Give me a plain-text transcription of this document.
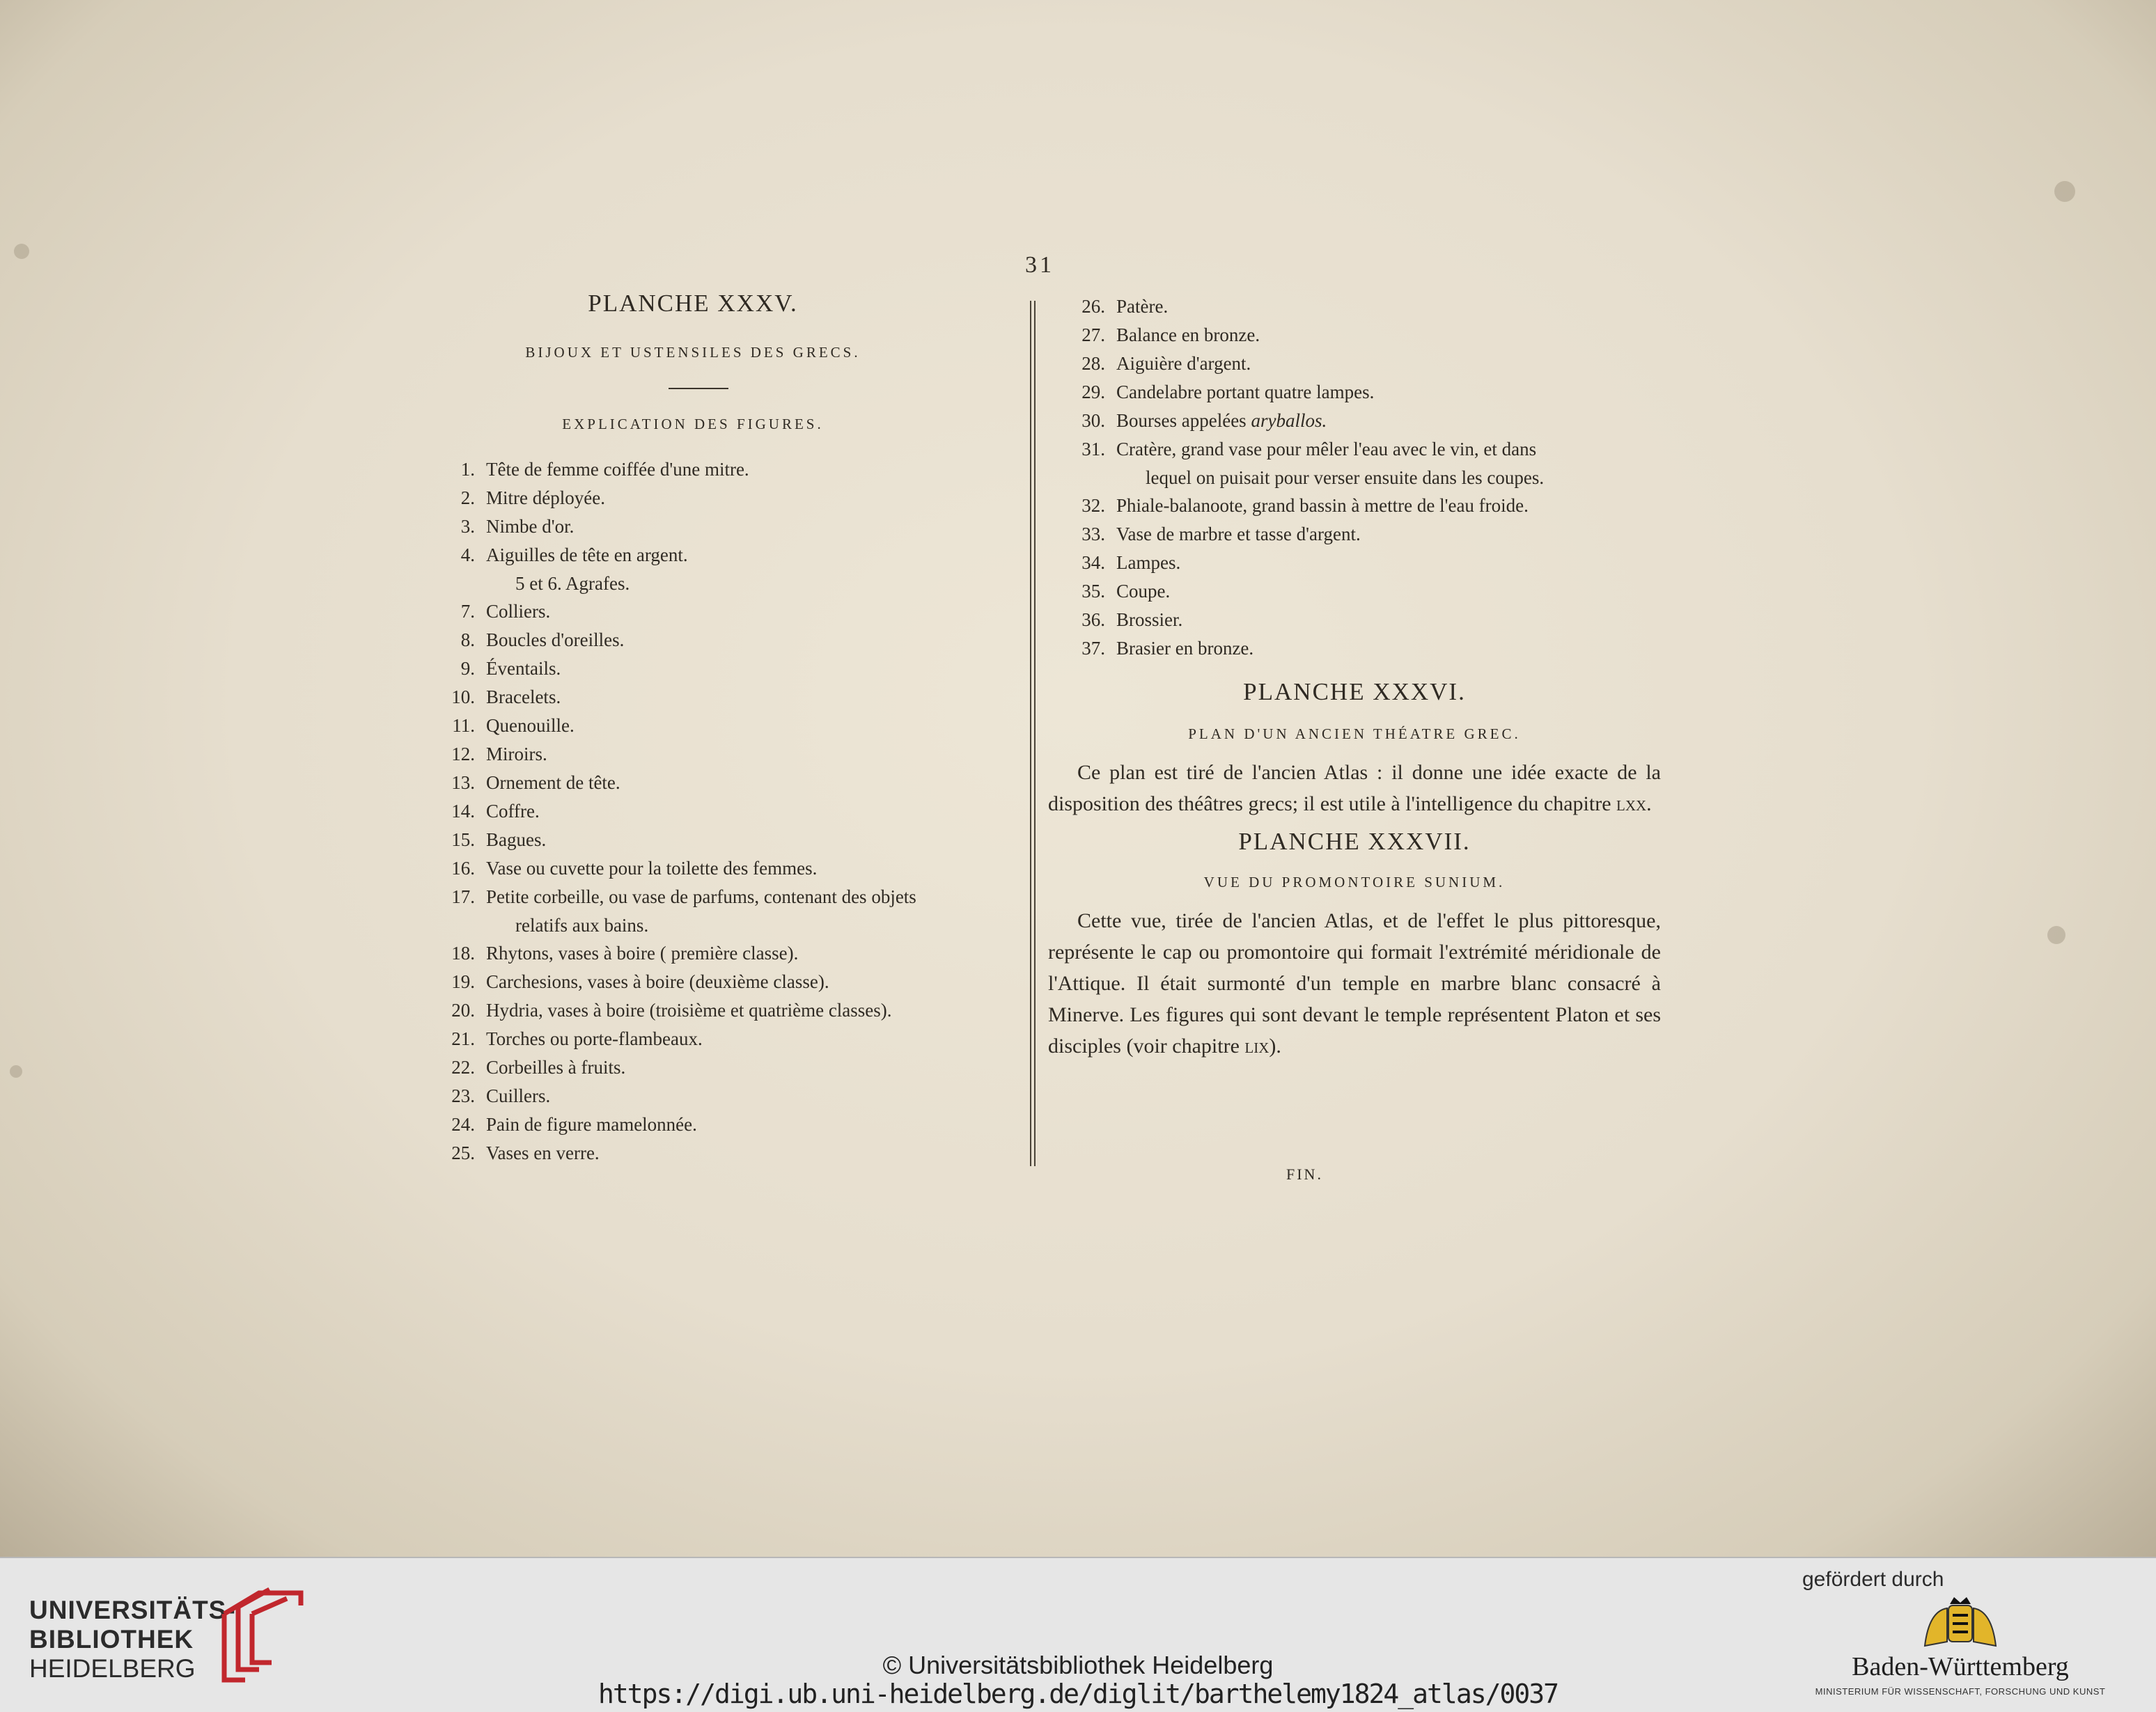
31

PLANCHE XXXV.

BIJOUX ET USTENSILES DES GRECS.

EXPLICATION DES FIGURES.

1. Tête de femme coiffée d'une mitre.
2. Mitre déployée.
3. Nimbe d'or.
4. Aiguilles de tête en argent.
5 et 6. Agrafes.
7. Colliers.
8. Boucles d'oreilles.
9. Éventails.
10. Bracelets.
11. Quenouille.
12. Miroirs.
13. Ornement de tête.
14. Coffre.
15. Bagues.
16. Vase ou cuvette pour la toilette des femmes.
17. Petite corbeille, ou vase de parfums, contenant des objets
relatifs aux bains.
18. Rhytons, vases à boire ( première classe).
19. Carchesions, vases à boire (deuxième classe).
20. Hydria, vases à boire (troisième et quatrième classes).
21. Torches ou porte-flambeaux.
22. Corbeilles à fruits.
23. Cuillers.
24. Pain de figure mamelonnée.
25. Vases en verre.
26. Patère.
27. Balance en bronze.
28. Aiguière d'argent.
29. Candelabre portant quatre lampes.
30. Bourses appelées aryballos.
31. Cratère, grand vase pour mêler l'eau avec le vin, et dans
lequel on puisait pour verser ensuite dans les coupes.
32. Phiale-balanoote, grand bassin à mettre de l'eau froide.
33. Vase de marbre et tasse d'argent.
34. Lampes.
35. Coupe.
36. Brossier.
37. Brasier en bronze.

PLANCHE XXXVI.

PLAN D'UN ANCIEN THÉATRE GREC.

Ce plan est tiré de l'ancien Atlas : il donne une idée exacte de la disposition des théâtres grecs; il est utile à l'intelligence du chapitre lxx.

PLANCHE XXXVII.

VUE DU PROMONTOIRE SUNIUM.

Cette vue, tirée de l'ancien Atlas, et de l'effet le plus pittoresque, représente le cap ou promontoire qui formait l'extrémité méridionale de l'Attique. Il était surmonté d'un temple en marbre blanc consacré à Minerve. Les figures qui sont devant le temple représentent Platon et ses disciples (voir chapitre lix).

FIN.
UNIVERSITÄTS-
BIBLIOTHEK
HEIDELBERG	© Universitätsbibliothek Heidelberg
https://digi.ub.uni-heidelberg.de/diglit/barthelemy1824_atlas/0037
gefördert durch
Baden-Württemberg
MINISTERIUM FÜR WISSENSCHAFT, FORSCHUNG UND KUNST
